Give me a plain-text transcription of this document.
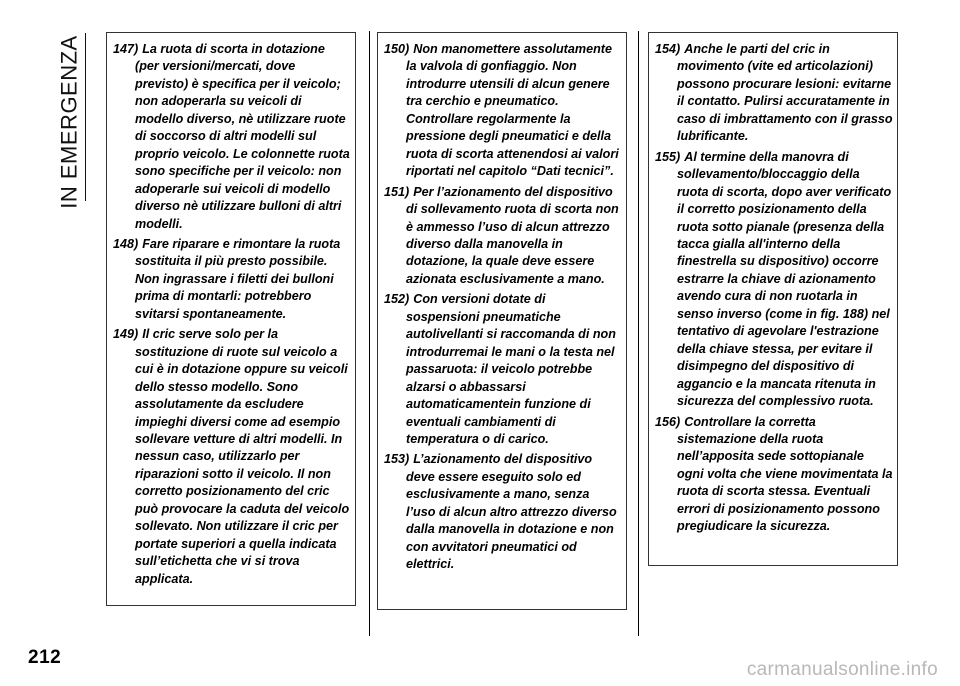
IN EMERGENZA 147) La ruota di scorta in dotazione (per versioni/mercati, dove previsto) è specifica per il veicolo; non adoperarla su veicoli di modello diverso, nè utilizzare ruote di soccorso di altri modelli sul proprio veicolo. Le colonnette ruota sono specifiche per il veicolo: non adoperarle sui veicoli di modello diverso nè utilizzare bulloni di altri modelli.
148) Fare riparare e rimontare la ruota sostituita il più presto possibile. Non ingrassare i filetti dei bulloni prima di montarli: potrebbero svitarsi spontaneamente.
149) Il cric serve solo per la sostituzione di ruote sul veicolo a cui è in dotazione oppure su veicoli dello stesso modello. Sono assolutamente da escludere impieghi diversi come ad esempio sollevare vetture di altri modelli. In nessun caso, utilizzarlo per riparazioni sotto il veicolo. Il non corretto posizionamento del cric può provocare la caduta del veicolo sollevato. Non utilizzare il cric per portate superiori a quella indicata sull’etichetta che vi si trova applicata.
150) Non manomettere assolutamente la valvola di gonfiaggio. Non introdurre utensili di alcun genere tra cerchio e pneumatico. Controllare regolarmente la pressione degli pneumatici e della ruota di scorta attenendosi ai valori riportati nel capitolo “Dati tecnici”.
151) Per l’azionamento del dispositivo di sollevamento ruota di scorta non è ammesso l’uso di alcun attrezzo diverso dalla manovella in dotazione, la quale deve essere azionata esclusivamente a mano.
152) Con versioni dotate di sospensioni pneumatiche autolivellanti si raccomanda di non introdurremai le mani o la testa nel passaruota: il veicolo potrebbe alzarsi o abbassarsi automaticamentein funzione di eventuali cambiamenti di temperatura o di carico.
153) L’azionamento del dispositivo deve essere eseguito solo ed esclusivamente a mano, senza l’uso di alcun altro attrezzo diverso dalla manovella in dotazione e non con avvitatori pneumatici od elettrici.
154) Anche le parti del cric in movimento (vite ed articolazioni) possono procurare lesioni: evitarne il contatto. Pulirsi accuratamente in caso di imbrattamento con il grasso lubrificante.
155) Al termine della manovra di sollevamento/bloccaggio della ruota di scorta, dopo aver verificato il corretto posizionamento della ruota sotto pianale (presenza della tacca gialla all'interno della finestrella su dispositivo) occorre estrarre la chiave di azionamento avendo cura di non ruotarla in senso inverso (come in fig. 188) nel tentativo di agevolare l'estrazione della chiave stessa, per evitare il disimpegno del dispositivo di aggancio e la mancata ritenuta in sicurezza del complessivo ruota.
156) Controllare la corretta sistemazione della ruota nell’apposita sede sottopianale ogni volta che viene movimentata la ruota di scorta stessa. Eventuali errori di posizionamento possono pregiudicare la sicurezza.
212
carmanualsonline.info
